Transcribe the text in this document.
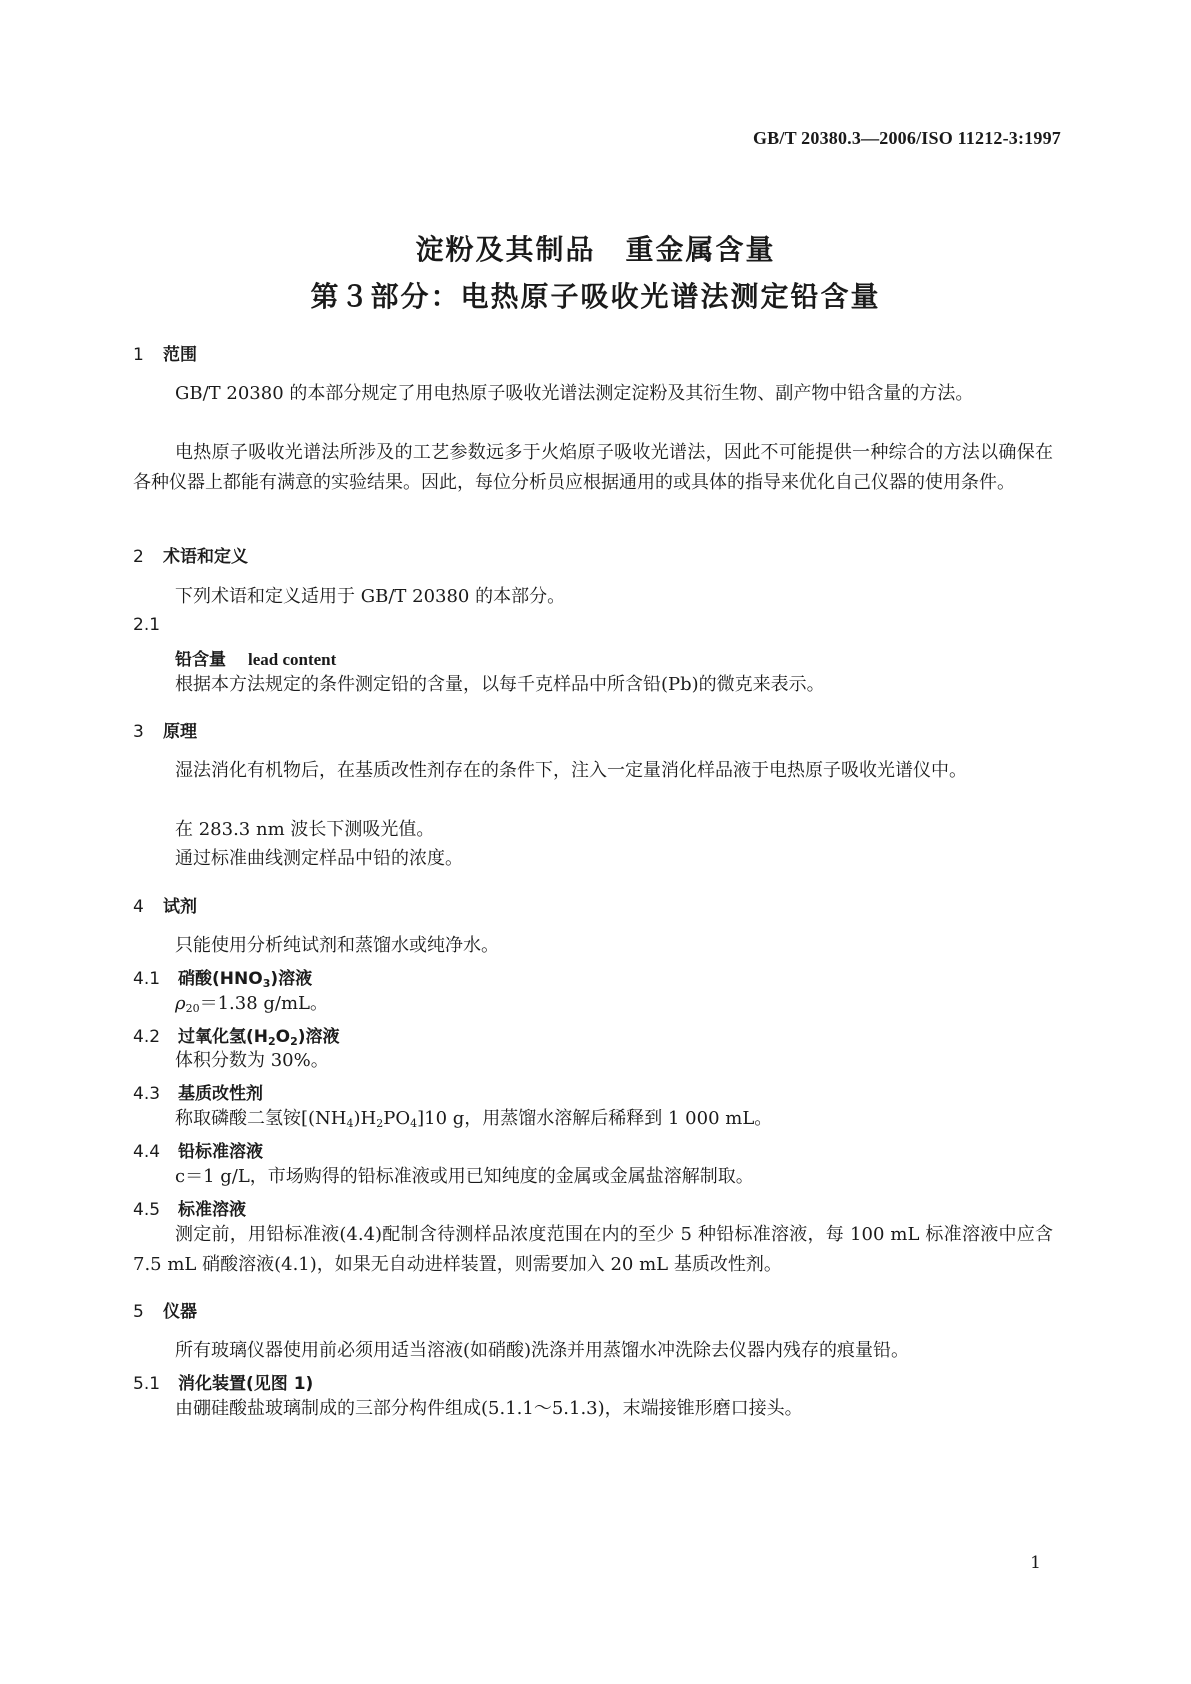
GB/T 20380.3—2006/ISO 11212-3:1997
淀粉及其制品　重金属含量
第３部分：电热原子吸收光谱法测定铅含量
1 范围
GB/T 20380 的本部分规定了用电热原子吸收光谱法测定淀粉及其衍生物、副产物中铅含量的方法。
电热原子吸收光谱法所涉及的工艺参数远多于火焰原子吸收光谱法，因此不可能提供一种综合的方法以确保在各种仪器上都能有满意的实验结果。因此，每位分析员应根据通用的或具体的指导来优化自己仪器的使用条件。
2 术语和定义
下列术语和定义适用于 GB/T 20380 的本部分。
2.1
铅含量 lead content
根据本方法规定的条件测定铅的含量，以每千克样品中所含铅(Pb)的微克来表示。
3 原理
湿法消化有机物后，在基质改性剂存在的条件下，注入一定量消化样品液于电热原子吸收光谱仪中。
在 283.3 nm 波长下测吸光值。
通过标准曲线测定样品中铅的浓度。
4 试剂
只能使用分析纯试剂和蒸馏水或纯净水。
4.1 硝酸$(HNO_3)$溶液
$\rho_{20}=1.38$ g/mL。
4.2 过氧化氢$(H_2O_2)$溶液
体积分数为 30%。
4.3 基质改性剂
称取磷酸二氢铵$[(NH_4)H_2PO_4]10$ g，用蒸馏水溶解后稀释到 1 000 mL。
4.4 铅标准溶液
c＝1 g/L，市场购得的铅标准液或用已知纯度的金属或金属盐溶解制取。
4.5 标准溶液
测定前，用铅标准液(4.4)配制含待测样品浓度范围在内的至少 5 种铅标准溶液，每 100 mL 标准溶液中应含 7.5 mL 硝酸溶液(4.1)，如果无自动进样装置，则需要加入 20 mL 基质改性剂。
5 仪器
所有玻璃仪器使用前必须用适当溶液(如硝酸)洗涤并用蒸馏水冲洗除去仪器内残存的痕量铅。
5.1 消化装置(见图 1)
由硼硅酸盐玻璃制成的三部分构件组成(5.1.1～5.1.3)，末端接锥形磨口接头。
1
